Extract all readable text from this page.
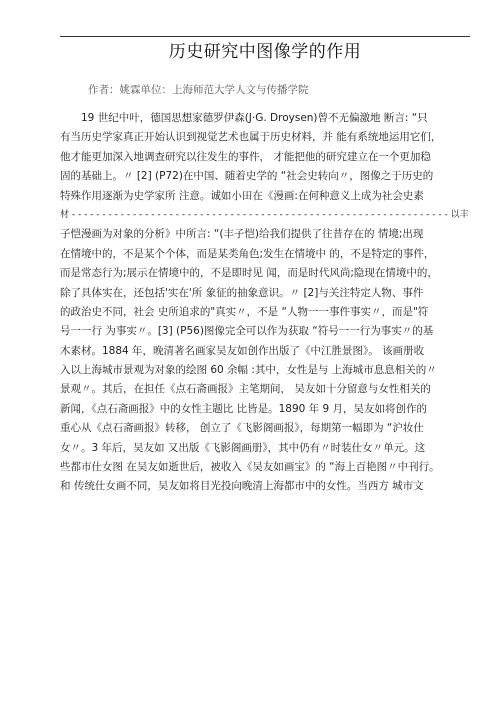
历史研究中图像学的作用
作者：姚霖单位：上海师范大学人文与传播学院
19 世纪中叶，德国思想家德罗伊森(J·G. Droysen)曾不无偏激地 断言: “只
有当历史学家真正开始认识到视觉艺术也属于历史材料，并 能有系统地运用它们，
他才能更加深入地调查研究以往发生的事件， 才能把他的研究建立在一个更加稳
固的基础上。〃 [2] (P72)在中国、随着史学的 “社会史转向〃，图像之于历史的
特殊作用逐渐为史学家所 注意。诚如小田在《漫画:在何种意义上成为社会史素
材 - - - - - - - - - - - - - - - - - - - - - - - - - - - - - - - - - - - - - - - - - - - - - - - - - - - - - - - - - - - - - - 以丰
子恺漫画为对象的分析》中所言: “(丰子恺)给我们提供了往昔存在的 情境;出现
在情境中的，不是某个个体，而是某类角色;发生在情境中 的，不是特定的事件，
而是常态行为;展示在情境中的，不是即时见 闻，而是时代风尚;隐现在情境中的，
除了具体实在，还包括'实在'所 象征的抽象意识。〃 [2]与关注特定人物、事件
的政治史不同，社会 史所追求的"真实〃，不是 “人物一一事件事实〃，而是"符
号一一行 为事实〃。[3] (P56)图像完全可以作为获取 “符号一一行为事实〃的基
木素材。1884 年，晚清著名画家吴友如创作出版了《中江胜景图》。 该画册收
入以上海城市景观为对象的绘图 60 余幅 :其中，女性是与 上海城市息息相关的〃
景观〃。其后，在担任《点石斋画报》主笔期间， 吴友如十分留意与女性相关的
新闻，《点石斋画报》中的女性主题比 比皆是。1890 年 9 月，吴友如将创作的
重心从《点石斋画报》转移， 创立了《飞影阁画报》，每期第一幅即为 “沪妆仕
女〃。3 年后，吴友如 又出版《飞影阁画册》，其中仍有〃时装仕女〃单元。这
些都市仕女图 在吴友如逝世后，被收入《吴友如画宝》的 “海上百艳图〃中刊行。
和 传统仕女画不同，吴友如将目光投向晚清上海都市中的女性。当西方 城市文
